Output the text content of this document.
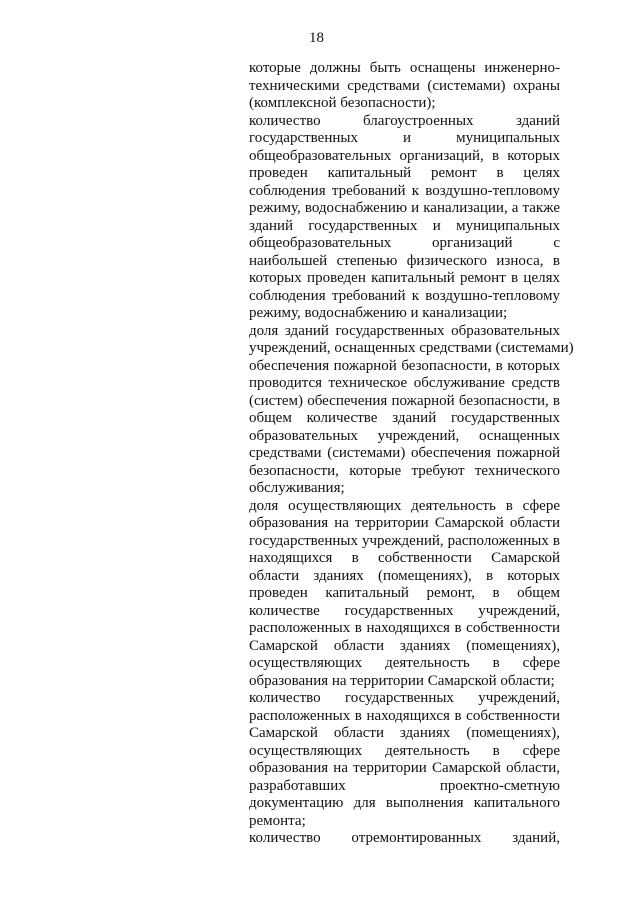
18
которые должны быть оснащены инженерно-
техническими средствами (системами) охраны
(комплексной безопасности);
количество благоустроенных зданий
государственных и муниципальных
общеобразовательных организаций, в которых
проведен капитальный ремонт в целях
соблюдения требований к воздушно-тепловому
режиму, водоснабжению и канализации, а также
зданий государственных и муниципальных
общеобразовательных организаций с
наибольшей степенью физического износа, в
которых проведен капитальный ремонт в целях
соблюдения требований к воздушно-тепловому
режиму, водоснабжению и канализации;
доля зданий государственных образовательных
учреждений, оснащенных средствами (системами)
обеспечения пожарной безопасности, в которых
проводится техническое обслуживание средств
(систем) обеспечения пожарной безопасности, в
общем количестве зданий государственных
образовательных учреждений, оснащенных
средствами (системами) обеспечения пожарной
безопасности, которые требуют технического
обслуживания;
доля осуществляющих деятельность в сфере
образования на территории Самарской области
государственных учреждений, расположенных в
находящихся в собственности Самарской
области зданиях (помещениях), в которых
проведен капитальный ремонт, в общем
количестве государственных учреждений,
расположенных в находящихся в собственности
Самарской области зданиях (помещениях),
осуществляющих деятельность в сфере
образования на территории Самарской области;
количество государственных учреждений,
расположенных в находящихся в собственности
Самарской области зданиях (помещениях),
осуществляющих деятельность в сфере
образования на территории Самарской области,
разработавших проектно-сметную
документацию для выполнения капитального
ремонта;
количество отремонтированных зданий,
